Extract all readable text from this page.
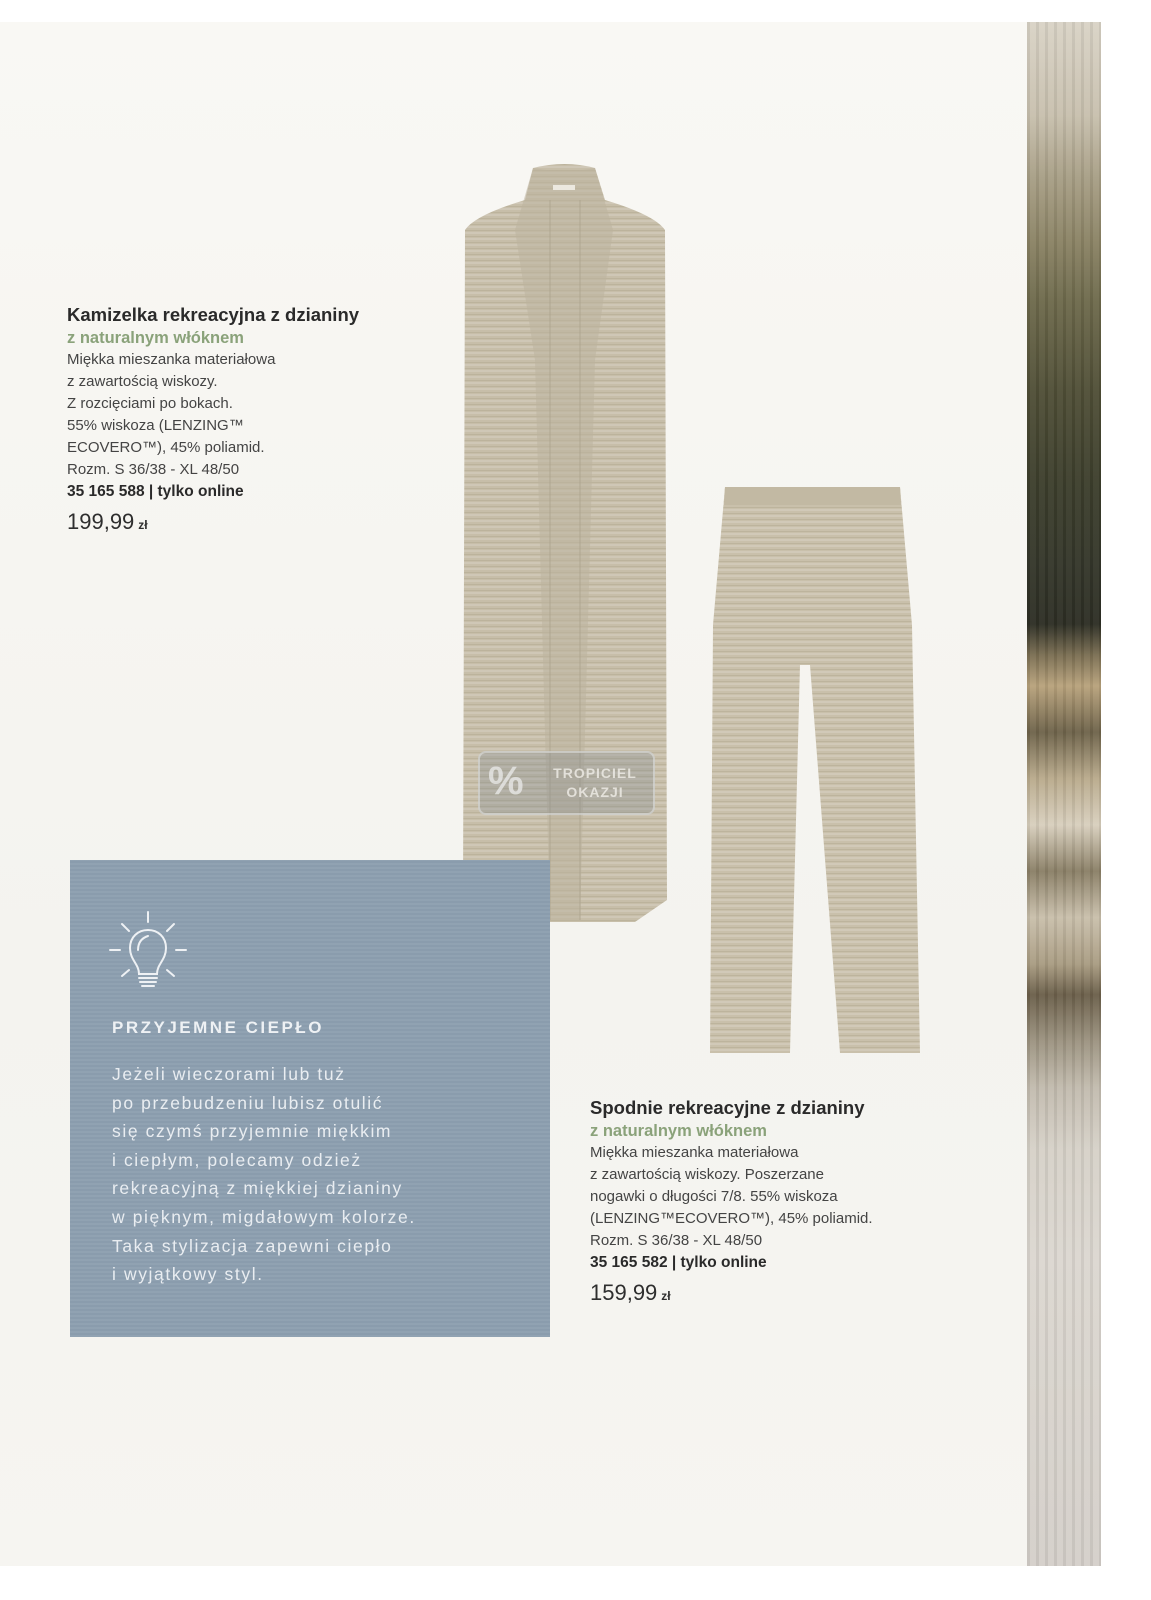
Kamizelka rekreacyjna z dzianiny
z naturalnym włóknem
Miękka mieszanka materiałowa
z zawartością wiskozy.
Z rozcięciami po bokach.
55% wiskoza (LENZING™
ECOVERO™), 45% poliamid.
Rozm. S 36/38 - XL 48/50
35 165 588 | tylko online
199,99 zł
PRZYJEMNE CIEPŁO
Jeżeli wieczorami lub tuż
po przebudzeniu lubisz otulić
się czymś przyjemnie miękkim
i ciepłym, polecamy odzież
rekreacyjną z miękkiej dzianiny
w pięknym, migdałowym kolorze.
Taka stylizacja zapewni ciepło
i wyjątkowy styl.
Spodnie rekreacyjne z dzianiny
z naturalnym włóknem
Miękka mieszanka materiałowa
z zawartością wiskozy. Poszerzane
nogawki o długości 7/8. 55% wiskoza
(LENZING™ECOVERO™), 45% poliamid.
Rozm. S 36/38 - XL 48/50
35 165 582 | tylko online
159,99 zł
%	TROPICIEL
OKAZJI
